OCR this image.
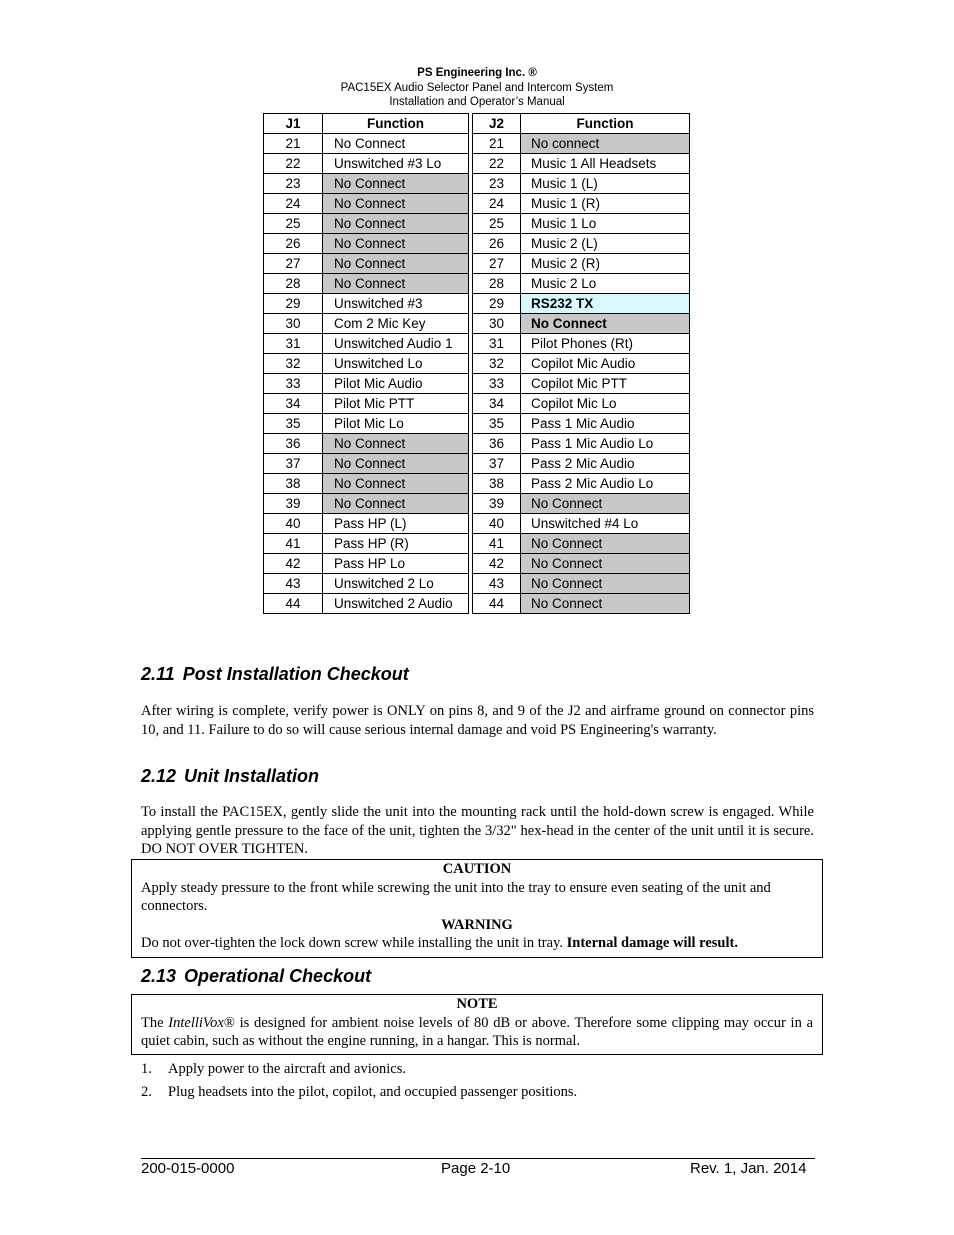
PS Engineering Inc. ®
PAC15EX Audio Selector Panel and Intercom System
Installation and Operator’s Manual
J1	Function		J2	Function
21	No Connect		21	No connect
22	Unswitched #3 Lo		22	Music 1 All Headsets
23	No Connect		23	Music 1 (L)
24	No Connect		24	Music 1 (R)
25	No Connect		25	Music 1 Lo
26	No Connect		26	Music 2 (L)
27	No Connect		27	Music 2 (R)
28	No Connect		28	Music 2 Lo
29	Unswitched #3		29	RS232 TX
30	Com 2 Mic Key		30	No Connect
31	Unswitched Audio 1		31	Pilot Phones (Rt)
32	Unswitched Lo		32	Copilot Mic Audio
33	Pilot Mic Audio		33	Copilot Mic PTT
34	Pilot Mic PTT		34	Copilot Mic Lo
35	Pilot Mic Lo		35	Pass 1 Mic Audio
36	No Connect		36	Pass 1 Mic Audio Lo
37	No Connect		37	Pass 2 Mic Audio
38	No Connect		38	Pass 2 Mic Audio Lo
39	No Connect		39	No Connect
40	Pass HP (L)		40	Unswitched #4 Lo
41	Pass HP (R)		41	No Connect
42	Pass HP Lo		42	No Connect
43	Unswitched 2 Lo		43	No Connect
44	Unswitched 2 Audio		44	No Connect
2.11 Post Installation Checkout
After wiring is complete, verify power is ONLY on pins 8, and 9 of the J2 and airframe ground on connector pins 10, and 11. Failure to do so will cause serious internal damage and void PS Engineering's warranty.
2.12 Unit Installation
To install the PAC15EX, gently slide the unit into the mounting rack until the hold-down screw is engaged. While applying gentle pressure to the face of the unit, tighten the 3/32" hex-head in the center of the unit until it is secure. DO NOT OVER TIGHTEN.
CAUTION
Apply steady pressure to the front while screwing the unit into the tray to ensure even seating of the unit and connectors.
WARNING
Do not over-tighten the lock down screw while installing the unit in tray. Internal damage will result.
2.13 Operational Checkout
NOTE
The IntelliVox® is designed for ambient noise levels of 80 dB or above. Therefore some clipping may occur in a quiet cabin, such as without the engine running, in a hangar. This is normal.
1.	Apply power to the aircraft and avionics.
2.	Plug headsets into the pilot, copilot, and occupied passenger positions.
200-015-0000	Page 2-10	Rev. 1, Jan. 2014
